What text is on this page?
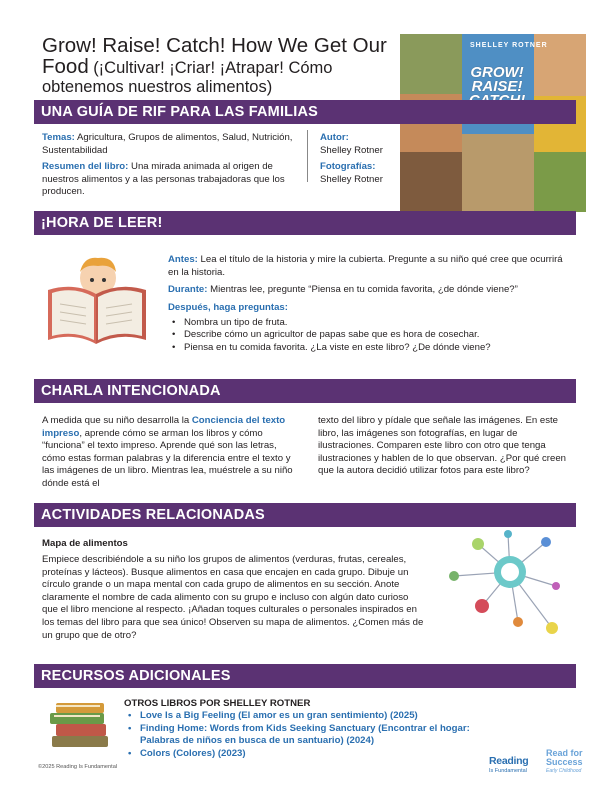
Grow! Raise! Catch! How We Get Our Food (¡Cultivar! ¡Criar! ¡Atrapar! Cómo obtenemos nuestros alimentos)
SHELLEY ROTNER
GROW! RAISE!
UNA GUÍA DE RIF PARA LAS FAMILIAS
Temas: Agricultura, Grupos de alimentos, Salud, Nutrición, Sustentabilidad
Resumen del libro: Una mirada animada al origen de nuestros alimentos y a las personas trabajadoras que los producen.
Autor:
Shelley Rotner
Fotografías:
Shelley Rotner
¡HORA DE LEER!
Antes: Lea el título de la historia y mire la cubierta. Pregunte a su niño qué cree que ocurrirá en la historia.
Durante: Mientras lee, pregunte “Piensa en tu comida favorita, ¿de dónde viene?”
Después, haga preguntas:
• Nombra un tipo de fruta.
• Describe cómo un agricultor de papas sabe que es hora de cosechar.
• Piensa en tu comida favorita. ¿La viste en este libro? ¿De dónde viene?
CHARLA INTENCIONADA
A medida que su niño desarrolla la Conciencia del texto impreso, aprende cómo se arman los libros y cómo “funciona” el texto impreso. Aprende qué son las letras, cómo estas forman palabras y la diferencia entre el texto y las imágenes de un libro. Mientras lea, muéstrele a su niño dónde está el
texto del libro y pídale que señale las imágenes. En este libro, las imágenes son fotografías, en lugar de ilustraciones. Comparen este libro con otro que tenga ilustraciones y hablen de lo que observan. ¿Por qué creen que la autora decidió utilizar fotos para este libro?
ACTIVIDADES RELACIONADAS
Mapa de alimentos
Empiece describiéndole a su niño los grupos de alimentos (verduras, frutas, cereales, proteínas y lácteos). Busque alimentos en casa que encajen en cada grupo. Dibuje un círculo grande o un mapa mental con cada grupo de alimentos en su sección. Anote claramente el nombre de cada alimento con su grupo e incluso con algún dato curioso que el libro mencione al respecto. ¡Añadan toques culturales o personales inspirados en los temas del libro para que sea único! Observen su mapa de alimentos. ¿Comen más de un grupo que de otro?
RECURSOS ADICIONALES
OTROS LIBROS POR SHELLEY ROTNER
• Love Is a Big Feeling (El amor es un gran sentimiento) (2025)
• Finding Home: Words from Kids Seeking Sanctuary (Encontrar el hogar: Palabras de niños en busca de un santuario) (2024)
• Colors (Colores) (2023)
©2025 Reading Is Fundamental	Reading
Is Fundamental
Read for Success
Early Childhood
